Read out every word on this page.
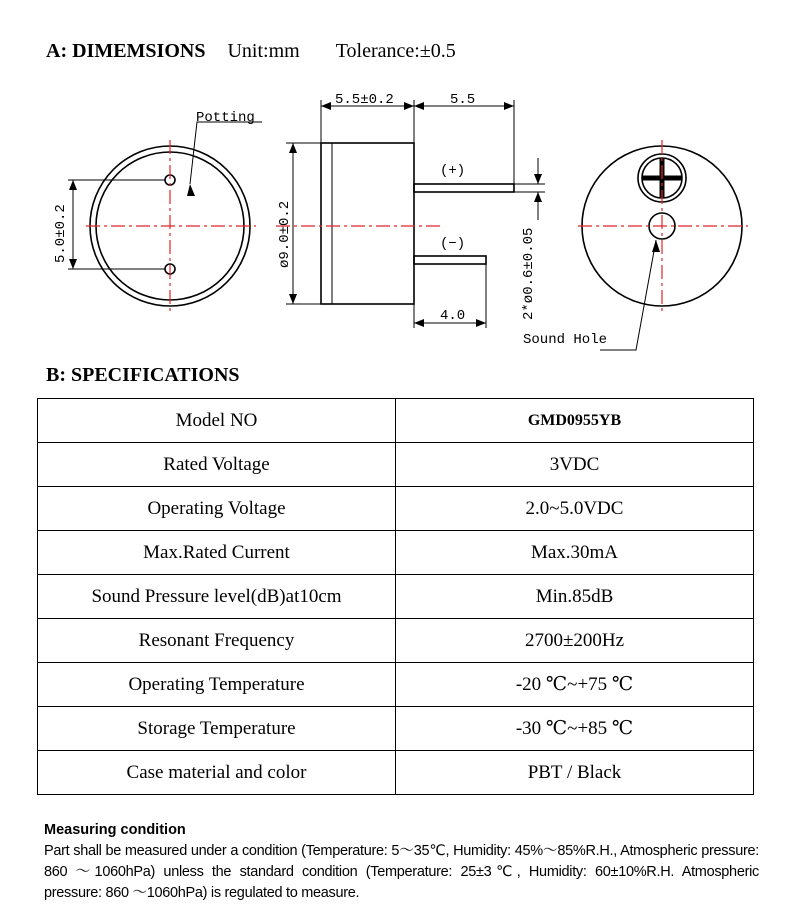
A: DIMEMSIONS Unit:mm Tolerance:±0.5
Potting
5.0±0.2
5.5±0.2	5.5
ø9.0±0.2
(+)
(−)	2*ø0.6±0.05
4.0
Sound Hole
B: SPECIFICATIONS
Model NO	GMD0955YB
Rated Voltage	3VDC
Operating Voltage	2.0~5.0VDC
Max.Rated Current	Max.30mA
Sound Pressure level(dB)at10cm	Min.85dB
Resonant Frequency	2700±200Hz
Operating Temperature	-20 ℃~+75 ℃
Storage Temperature	-30 ℃~+85 ℃
Case material and color	PBT / Black
Measuring condition
Part shall be measured under a condition (Temperature: 5～35℃, Humidity: 45%～85%R.H., Atmospheric pressure: 860 ～1060hPa) unless the standard condition (Temperature: 25±3℃, Humidity: 60±10%R.H. Atmospheric pressure: 860 ～1060hPa) is regulated to measure.
